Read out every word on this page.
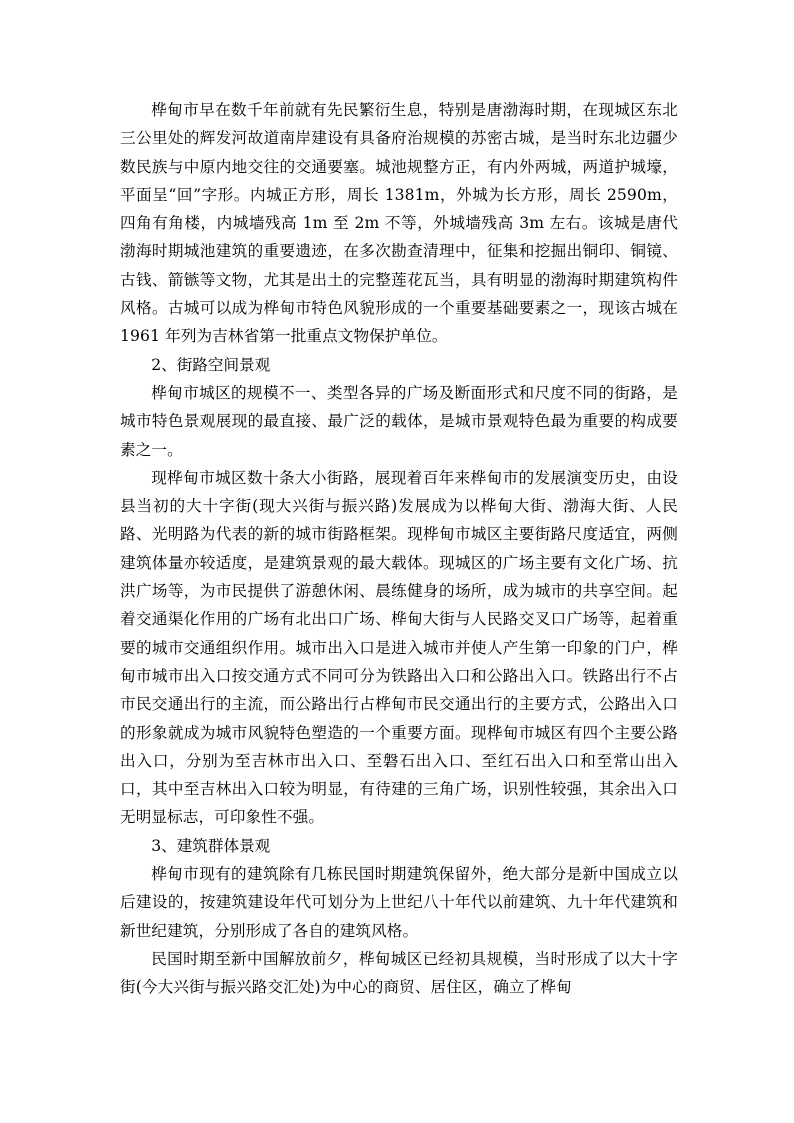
桦甸市早在数千年前就有先民繁衍生息，特别是唐渤海时期，在现城区东北三公里处的辉发河故道南岸建设有具备府治规模的苏密古城，是当时东北边疆少数民族与中原内地交往的交通要塞。城池规整方正，有内外两城，两道护城壕，平面呈“回”字形。内城正方形，周长 1381m，外城为长方形，周长 2590m，四角有角楼，内城墙残高 1m 至 2m 不等，外城墙残高 3m 左右。该城是唐代渤海时期城池建筑的重要遗迹，在多次勘查清理中，征集和挖掘出铜印、铜镜、古钱、箭镞等文物，尤其是出土的完整莲花瓦当，具有明显的渤海时期建筑构件风格。古城可以成为桦甸市特色风貌形成的一个重要基础要素之一，现该古城在 1961 年列为吉林省第一批重点文物保护单位。

2、街路空间景观

桦甸市城区的规模不一、类型各异的广场及断面形式和尺度不同的街路，是城市特色景观展现的最直接、最广泛的载体，是城市景观特色最为重要的构成要素之一。

现桦甸市城区数十条大小街路，展现着百年来桦甸市的发展演变历史，由设县当初的大十字街(现大兴街与振兴路)发展成为以桦甸大街、渤海大街、人民路、光明路为代表的新的城市街路框架。现桦甸市城区主要街路尺度适宜，两侧建筑体量亦较适度，是建筑景观的最大载体。现城区的广场主要有文化广场、抗洪广场等，为市民提供了游憩休闲、晨练健身的场所，成为城市的共享空间。起着交通渠化作用的广场有北出口广场、桦甸大街与人民路交叉口广场等，起着重要的城市交通组织作用。城市出入口是进入城市并使人产生第一印象的门户，桦甸市城市出入口按交通方式不同可分为铁路出入口和公路出入口。铁路出行不占市民交通出行的主流，而公路出行占桦甸市民交通出行的主要方式，公路出入口的形象就成为城市风貌特色塑造的一个重要方面。现桦甸市城区有四个主要公路出入口，分别为至吉林市出入口、至磐石出入口、至红石出入口和至常山出入口，其中至吉林出入口较为明显，有待建的三角广场，识别性较强，其余出入口无明显标志，可印象性不强。

3、建筑群体景观

桦甸市现有的建筑除有几栋民国时期建筑保留外，绝大部分是新中国成立以后建设的，按建筑建设年代可划分为上世纪八十年代以前建筑、九十年代建筑和新世纪建筑，分别形成了各自的建筑风格。

民国时期至新中国解放前夕，桦甸城区已经初具规模，当时形成了以大十字街(今大兴街与振兴路交汇处)为中心的商贸、居住区，确立了桦甸
